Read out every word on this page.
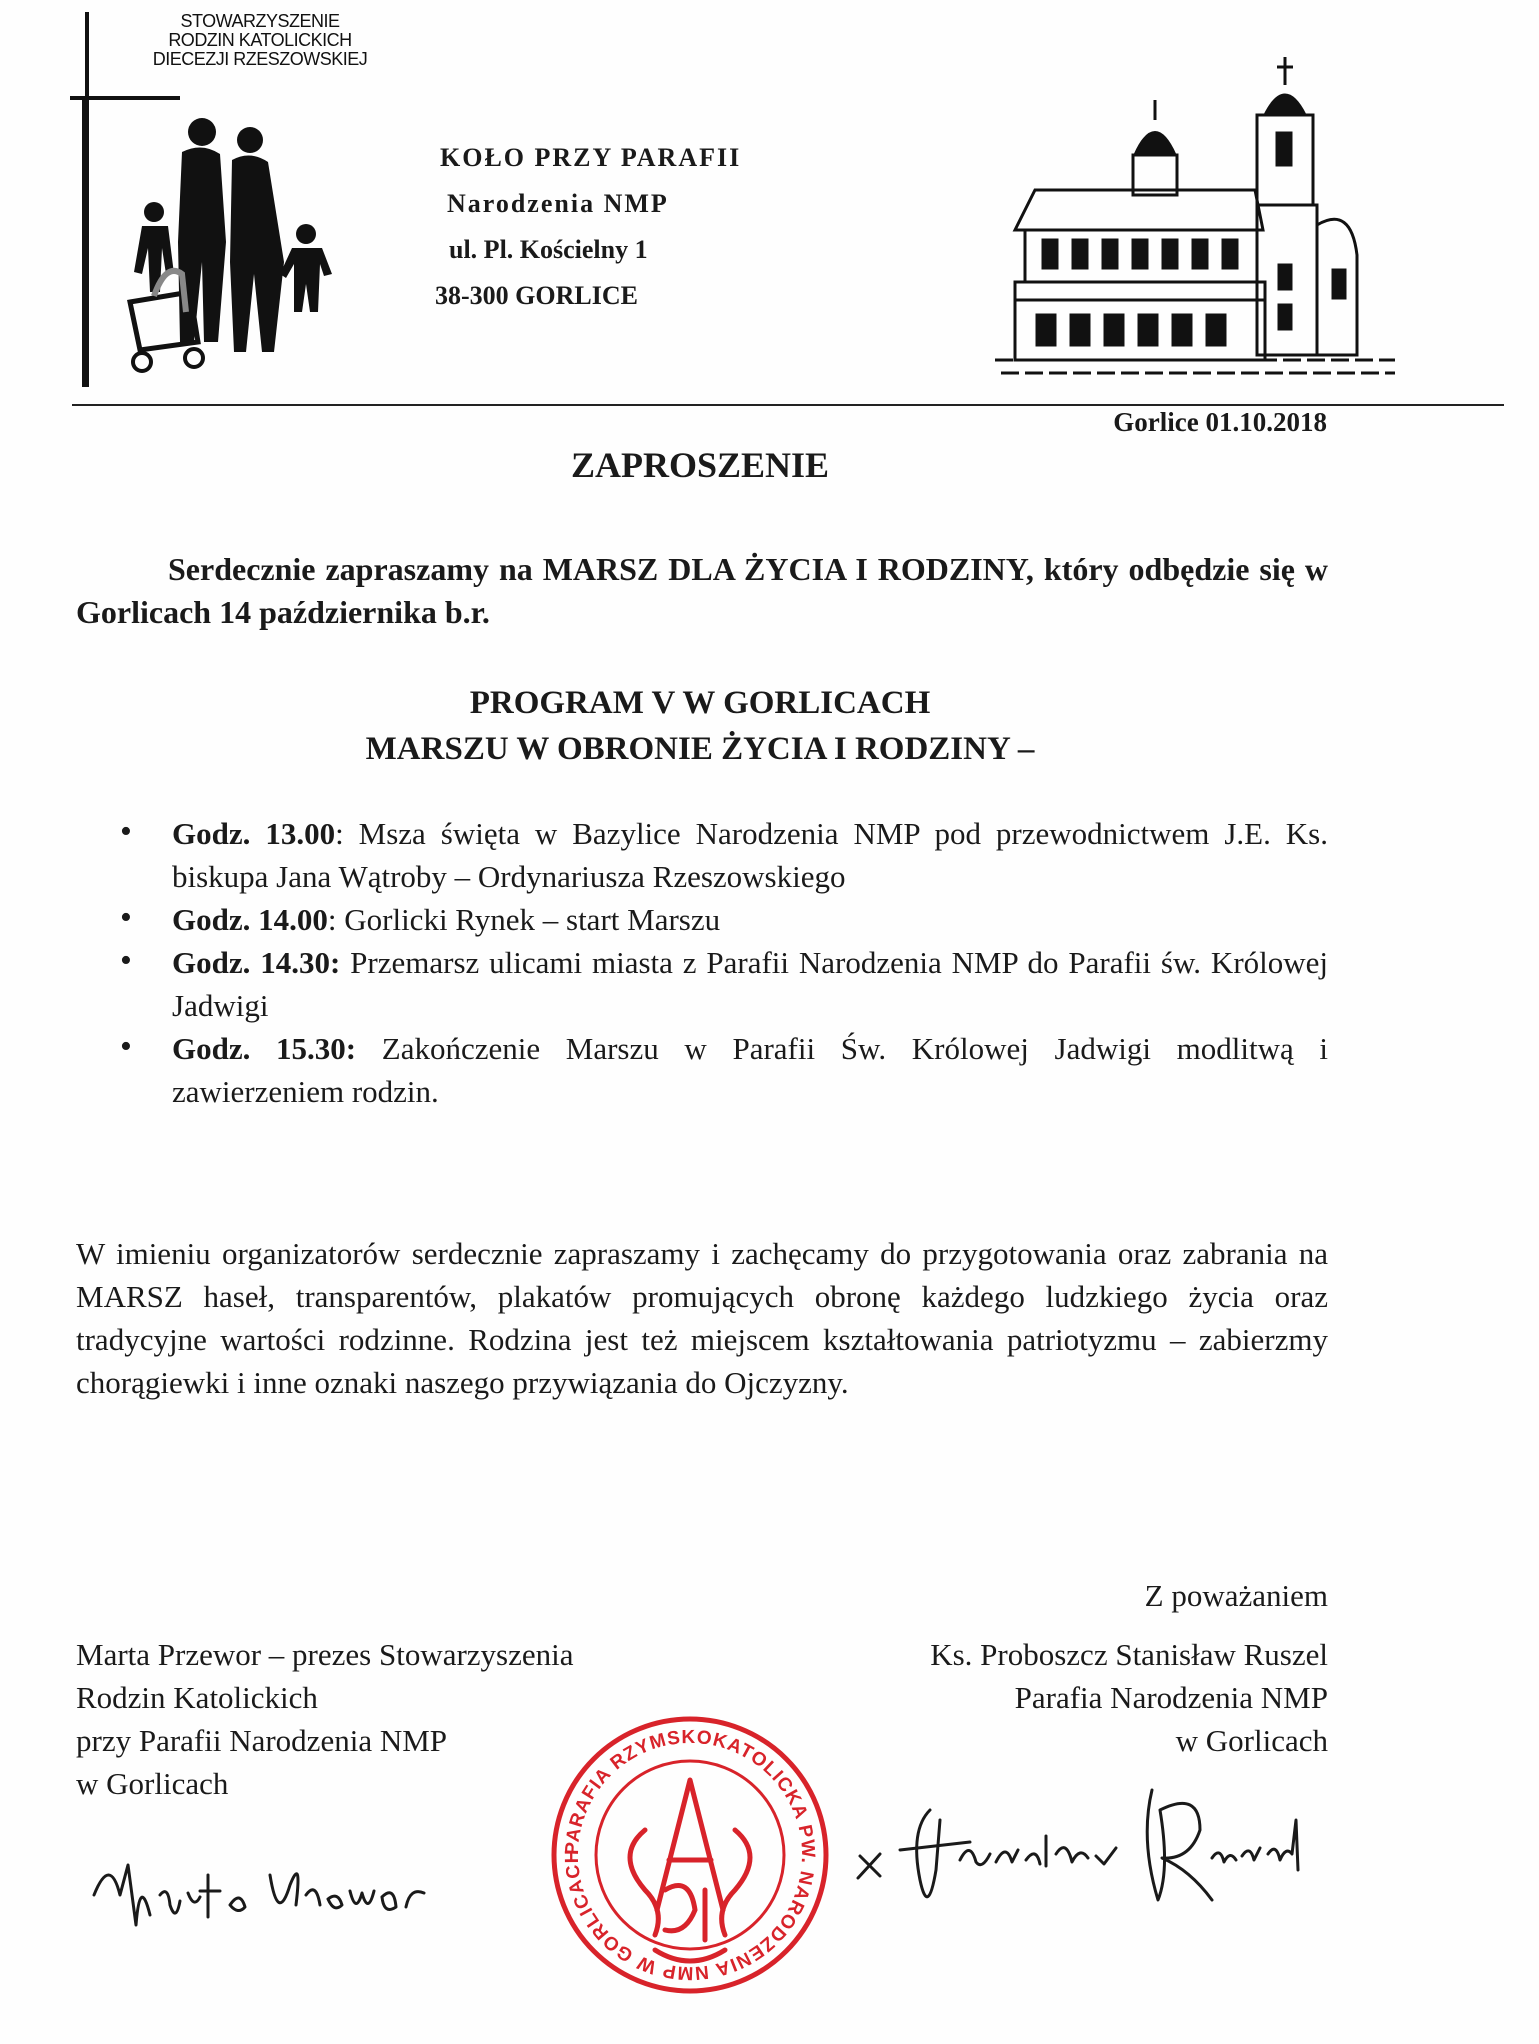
STOWARZYSZENIE
RODZIN KATOLICKICH
DIECEZJI RZESZOWSKIEJ
KOŁO PRZY PARAFII
Narodzenia NMP
ul. Pl. Kościelny 1
38-300 GORLICE
Gorlice 01.10.2018
ZAPROSZENIE

Serdecznie zapraszamy na MARSZ DLA ŻYCIA I RODZINY, który odbędzie się w Gorlicach 14 października b.r.

PROGRAM V W GORLICACH
MARSZU W OBRONIE ŻYCIA I RODZINY –
• Godz. 13.00: Msza święta w Bazylice Narodzenia NMP pod przewodnictwem J.E. Ks. biskupa Jana Wątroby – Ordynariusza Rzeszowskiego
• Godz. 14.00: Gorlicki Rynek – start Marszu
• Godz. 14.30: Przemarsz ulicami miasta z Parafii Narodzenia NMP do Parafii św. Królowej Jadwigi
• Godz. 15.30: Zakończenie Marszu w Parafii Św. Królowej Jadwigi modlitwą i zawierzeniem rodzin.

W imieniu organizatorów serdecznie zapraszamy i zachęcamy do przygotowania oraz zabrania na MARSZ haseł, transparentów, plakatów promujących obronę każdego ludzkiego życia oraz tradycyjne wartości rodzinne. Rodzina jest też miejscem kształtowania patriotyzmu – zabierzmy chorągiewki i inne oznaki naszego przywiązania do Ojczyzny.

Z poważaniem
Marta Przewor – prezes Stowarzyszenia
Rodzin Katolickich
przy Parafii Narodzenia NMP
w Gorlicach
Ks. Proboszcz Stanisław Ruszel
Parafia Narodzenia NMP
w Gorlicach
PARAFIA RZYMSKOKATOLICKA PW. NARODZENIA NMP W GORLICACH
